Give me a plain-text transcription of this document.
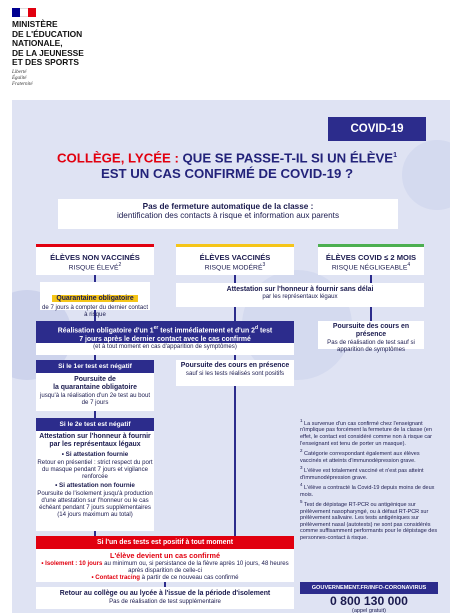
MINISTÈRE
DE L'ÉDUCATION
NATIONALE,
DE LA JEUNESSE
ET DES SPORTS
Liberté
Égalité
Fraternité
COVID-19
COLLÈGE, LYCÉE : QUE SE PASSE-T-IL SI UN ÉLÈVE$^1$
EST UN CAS CONFIRMÉ DE COVID-19 ?
Pas de fermeture automatique de la classe :
identification des contacts à risque et information aux parents
ÉLÈVES NON VACCINÉS
RISQUE ÉLEVÉ$^2$
ÉLÈVES VACCINÉS
RISQUE MODÉRÉ$^3$
ÉLÈVES COVID ≤ 2 MOIS
RISQUE NÉGLIGEABLE$^4$
Quarantaine obligatoire
de 7 jours à compter du dernier contact à risque
Attestation sur l'honneur à fournir sans délai
par les représentaux légaux
Réalisation obligatoire d'un 1er test immédiatement et d'un 2$^d$ test
7 jours après le dernier contact avec le cas confirmé
(et à tout moment en cas d'apparition de symptômes)
Poursuite des cours en présence
Pas de réalisation de test sauf si apparition de symptômes
Si le 1er test est négatif
Poursuite de
la quarantaine obligatoire
jusqu'à la réalisation d'un 2e test au bout de 7 jours
Poursuite des cours en présence
sauf si les tests réalisés sont positifs
Si le 2e test est négatif
Attestation sur l'honneur à fournir par les représentaux légaux
• Si attestation fournie
Retour en présentiel : strict respect du port du masque pendant 7 jours et vigilance renforcée
• Si attestation non fournie
Poursuite de l'isolement jusqu'à production d'une attestation sur l'honneur ou le cas échéant pendant 7 jours supplémentaires (14 jours maximum au total)
$^1$ La survenue d'un cas confirmé chez l'enseignant n'implique pas forcément la fermeture de la classe (en effet, le contact est considéré comme non à risque car l'enseignant est tenu de porter un masque).
$^2$ Catégorie correspondant également aux élèves vaccinés et atteints d'immunodépression grave.
$^3$ L'élève est totalement vacciné et n'est pas atteint d'immunodépression grave.
$^4$ L'élève a contracté la Covid-19 depuis moins de deux mois.
$^5$ Test de dépistage RT-PCR ou antigénique sur prélèvement nasopharyngé, ou à défaut RT-PCR sur prélèvement salivaire. Les tests antigéniques sur prélèvement nasal (autotests) ne sont pas considérés comme suffisamment performants pour le dépistage des personnes-contact à risque.
Si l'un des tests est positif à tout moment
L'élève devient un cas confirmé
• Isolement : 10 jours au minimum ou, si persistance de la fièvre après 10 jours, 48 heures après disparition de celle-ci
• Contact tracing à partir de ce nouveau cas confirmé
Retour au collège ou au lycée à l'issue de la période d'isolement
Pas de réalisation de test supplémentaire
GOUVERNEMENT.FR/INFO-CORONAVIRUS
0 800 130 000
(appel gratuit)
